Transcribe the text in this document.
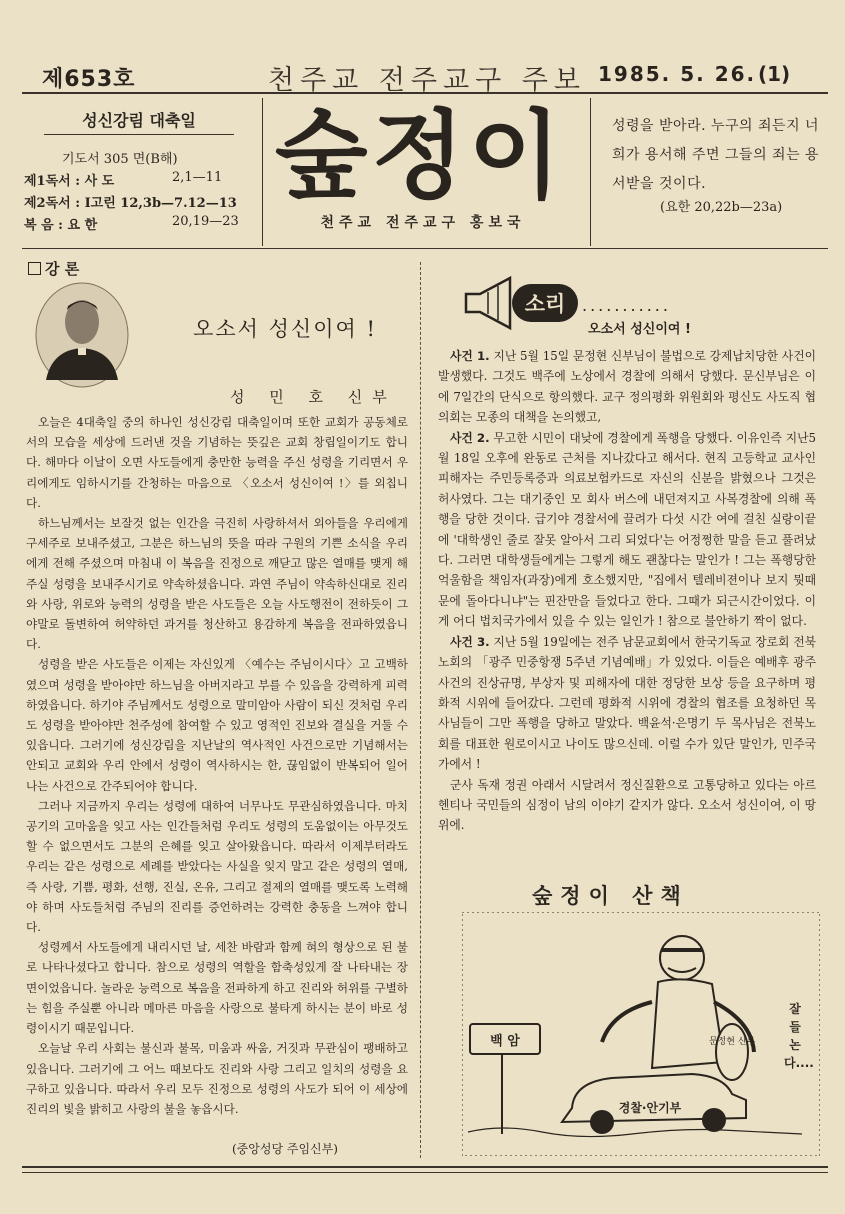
제653호	천주교 전주교구 주보 1985. 5. 26. (1)
성신강림 대축일
기도서 305 면(B해)
제1독서 : 사 도	2,1—11
제2독서 : Ⅰ고린 12,3b—7.12—13
복 음 : 요 한	20,19—23
숲정이
천주교 전주교구 홍보국
성령을 받아라. 누구의 죄든지 너희가 용서해 주면 그들의 죄는 용서받을 것이다.
(요한 20,22b—23a)
강 론
오소서 성신이여 !
성 민 호 신부

오늘은 4대축일 중의 하나인 성신강림 대축일이며 또한 교회가 공동체로서의 모습을 세상에 드러낸 것을 기념하는 뜻깊은 교회 창립일이기도 합니다. 해마다 이날이 오면 사도들에게 충만한 능력을 주신 성령을 기리면서 우리에게도 임하시기를 간청하는 마음으로 〈오소서 성신이여 !〉를 외칩니다.

하느님께서는 보잘것 없는 인간을 극진히 사랑하셔서 외아들을 우리에게 구세주로 보내주셨고, 그분은 하느님의 뜻을 따라 구원의 기쁜 소식을 우리에게 전해 주셨으며 마침내 이 복음을 진정으로 깨닫고 많은 열매를 맺게 해주실 성령을 보내주시기로 약속하셨읍니다. 과연 주님이 약속하신대로 진리와 사랑, 위로와 능력의 성령을 받은 사도들은 오늘 사도행전이 전하듯이 그야말로 돌변하여 허약하던 과거를 청산하고 용감하게 복음을 전파하였읍니다.

성령을 받은 사도들은 이제는 자신있게 〈예수는 주님이시다〉고 고백하였으며 성령을 받아야만 하느님을 아버지라고 부를 수 있음을 강력하게 피력하였읍니다. 하기야 주님께서도 성령으로 말미암아 사람이 되신 것처럼 우리도 성령을 받아야만 천주성에 참여할 수 있고 영적인 진보와 결실을 거둘 수 있읍니다. 그러기에 성신강림을 지난날의 역사적인 사건으로만 기념해서는 안되고 교회와 우리 안에서 성령이 역사하시는 한, 끊임없이 반복되어 일어나는 사건으로 간주되어야 합니다.

그러나 지금까지 우리는 성령에 대하여 너무나도 무관심하였읍니다. 마치 공기의 고마움을 잊고 사는 인간들처럼 우리도 성령의 도움없이는 아무것도 할 수 없으면서도 그분의 은혜를 잊고 살아왔읍니다. 따라서 이제부터라도 우리는 같은 성령으로 세례를 받았다는 사실을 잊지 말고 같은 성령의 열매, 즉 사랑, 기쁨, 평화, 선행, 진실, 온유, 그리고 절제의 열매를 맺도록 노력해야 하며 사도들처럼 주님의 진리를 증언하려는 강력한 충동을 느껴야 합니다.

성령께서 사도들에게 내리시던 날, 세찬 바람과 함께 혀의 형상으로 된 불로 나타나셨다고 합니다. 참으로 성령의 역할을 함축성있게 잘 나타내는 장면이었읍니다. 놀라운 능력으로 복음을 전파하게 하고 진리와 허위를 구별하는 힘을 주실뿐 아니라 메마른 마음을 사랑으로 불타게 하시는 분이 바로 성령이시기 때문입니다.

오늘날 우리 사회는 불신과 불목, 미움과 싸움, 거짓과 무관심이 팽배하고 있읍니다. 그러기에 그 어느 때보다도 진리와 사랑 그리고 일치의 성령을 요구하고 있읍니다. 따라서 우리 모두 진정으로 성령의 사도가 되어 이 세상에 진리의 빛을 밝히고 사랑의 불을 놓읍시다.

(중앙성당 주임신부)
소리 ...........
오소서 성신이여 !

사건 1. 지난 5월 15일 문정현 신부님이 불법으로 강제납치당한 사건이 발생했다. 그것도 백주에 노상에서 경찰에 의해서 당했다. 문신부님은 이에 7일간의 단식으로 항의했다. 교구 정의평화 위원회와 평신도 사도직 협의회는 모종의 대책을 논의했고,

사건 2. 무고한 시민이 대낮에 경찰에게 폭행을 당했다. 이유인즉 지난5월 18일 오후에 완동로 근처를 지나갔다고 해서다. 현직 고등학교 교사인 피해자는 주민등록증과 의료보험카드로 자신의 신분을 밝혔으나 그것은 허사였다. 그는 대기중인 모 회사 버스에 내던져지고 사복경찰에 의해 폭행을 당한 것이다. 급기야 경찰서에 끌려가 다섯 시간 여에 걸친 실랑이끝에 '대학생인 줄로 잘못 알아서 그리 되었다'는 어정쩡한 말을 듣고 풀려났다. 그러면 대학생들에게는 그렇게 해도 괜찮다는 말인가 ! 그는 폭행당한 억울함을 책임자(과장)에게 호소했지만, "집에서 텔레비젼이나 보지 뭣때문에 돌아다니냐"는 핀잔만을 들었다고 한다. 그때가 되근시간이었다. 이게 어디 법치국가에서 있을 수 있는 일인가 ! 참으로 불안하기 짝이 없다.

사건 3. 지난 5월 19일에는 전주 남문교회에서 한국기독교 장로회 전북노회의 「광주 민중항쟁 5주년 기념예배」가 있었다. 이들은 예배후 광주사건의 진상규명, 부상자 및 피해자에 대한 정당한 보상 등을 요구하며 평화적 시위에 들어갔다. 그런데 평화적 시위에 경찰의 협조를 요청하던 목사님들이 그만 폭행을 당하고 말았다. 백윤석·은명기 두 목사님은 전북노회를 대표한 원로이시고 나이도 많으신데. 이럴 수가 있단 말인가, 민주국가에서 !

군사 독재 정권 아래서 시달려서 정신질환으로 고통당하고 있다는 아르헨티나 국민들의 심정이 남의 이야기 같지가 않다. 오소서 성신이여, 이 땅위에.

숲정이 산책
백 암
경찰·안기부
문정현 신부
잘들논다....
